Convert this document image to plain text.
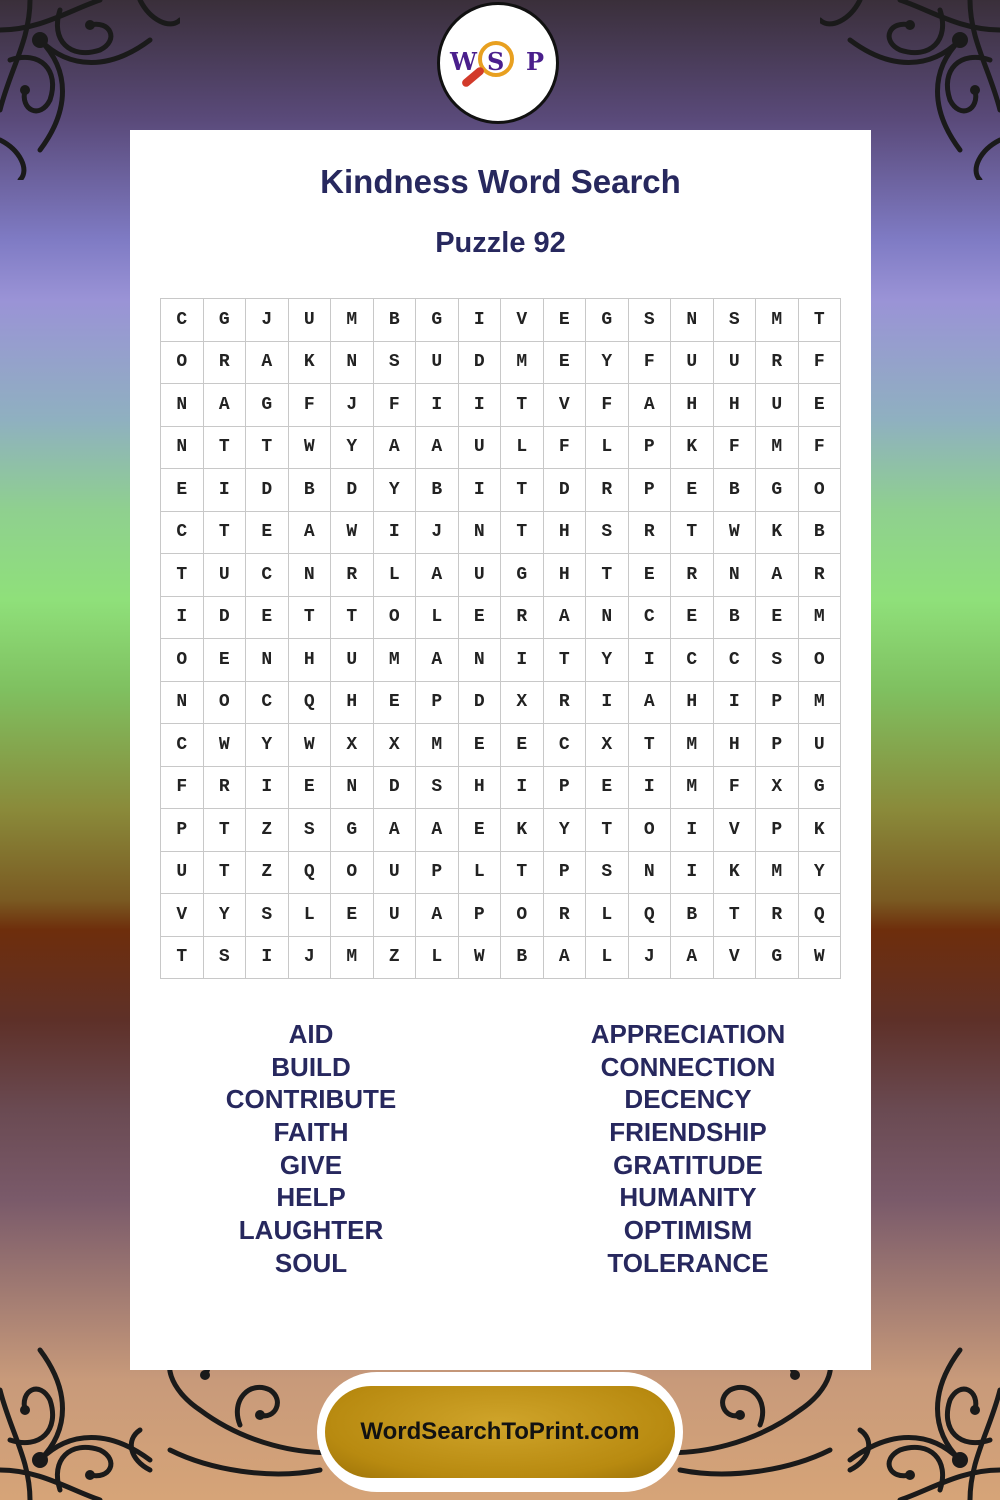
W S P
Kindness Word Search
Puzzle 92
C	G	J	U	M	B	G	I	V	E	G	S	N	S	M	T
O	R	A	K	N	S	U	D	M	E	Y	F	U	U	R	F
N	A	G	F	J	F	I	I	T	V	F	A	H	H	U	E
N	T	T	W	Y	A	A	U	L	F	L	P	K	F	M	F
E	I	D	B	D	Y	B	I	T	D	R	P	E	B	G	O
C	T	E	A	W	I	J	N	T	H	S	R	T	W	K	B
T	U	C	N	R	L	A	U	G	H	T	E	R	N	A	R
I	D	E	T	T	O	L	E	R	A	N	C	E	B	E	M
O	E	N	H	U	M	A	N	I	T	Y	I	C	C	S	O
N	O	C	Q	H	E	P	D	X	R	I	A	H	I	P	M
C	W	Y	W	X	X	M	E	E	C	X	T	M	H	P	U
F	R	I	E	N	D	S	H	I	P	E	I	M	F	X	G
P	T	Z	S	G	A	A	E	K	Y	T	O	I	V	P	K
U	T	Z	Q	O	U	P	L	T	P	S	N	I	K	M	Y
V	Y	S	L	E	U	A	P	O	R	L	Q	B	T	R	Q
T	S	I	J	M	Z	L	W	B	A	L	J	A	V	G	W
AID
BUILD
CONTRIBUTE
FAITH
GIVE
HELP
LAUGHTER
SOUL
APPRECIATION
CONNECTION
DECENCY
FRIENDSHIP
GRATITUDE
HUMANITY
OPTIMISM
TOLERANCE
WordSearchToPrint.com
